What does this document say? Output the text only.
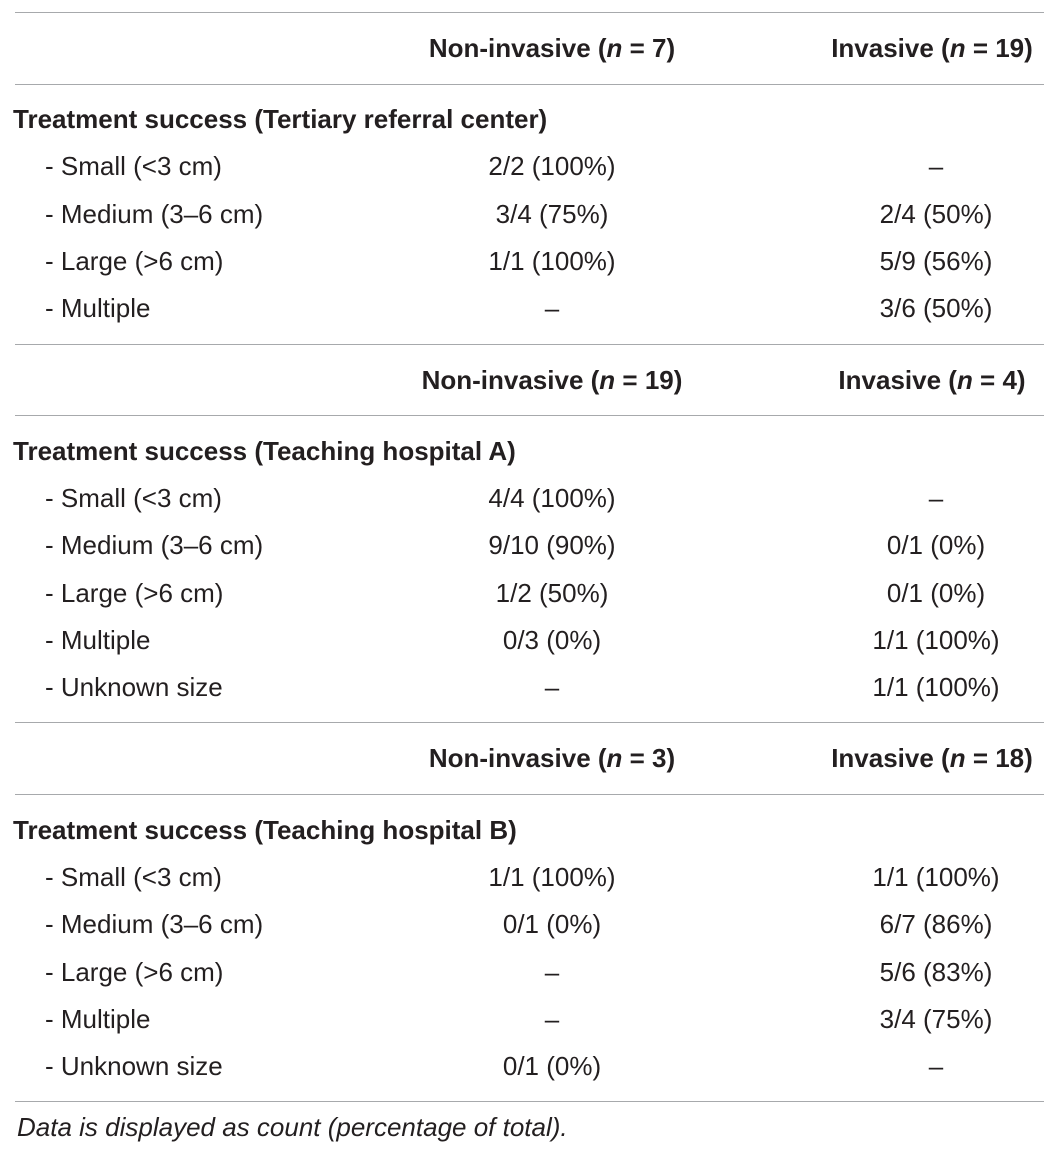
Non-invasive (n = 7)	Invasive (n = 19)
Treatment success (Tertiary referral center)
- Small (<3 cm)	2/2 (100%)	–
- Medium (3–6 cm)	3/4 (75%)	2/4 (50%)
- Large (>6 cm)	1/1 (100%)	5/9 (56%)
- Multiple	–	3/6 (50%)
Non-invasive (n = 19)	Invasive (n = 4)
Treatment success (Teaching hospital A)
- Small (<3 cm)	4/4 (100%)	–
- Medium (3–6 cm)	9/10 (90%)	0/1 (0%)
- Large (>6 cm)	1/2 (50%)	0/1 (0%)
- Multiple	0/3 (0%)	1/1 (100%)
- Unknown size	–	1/1 (100%)
Non-invasive (n = 3)	Invasive (n = 18)
Treatment success (Teaching hospital B)
- Small (<3 cm)	1/1 (100%)	1/1 (100%)
- Medium (3–6 cm)	0/1 (0%)	6/7 (86%)
- Large (>6 cm)	–	5/6 (83%)
- Multiple	–	3/4 (75%)
- Unknown size	0/1 (0%)	–
Data is displayed as count (percentage of total).
